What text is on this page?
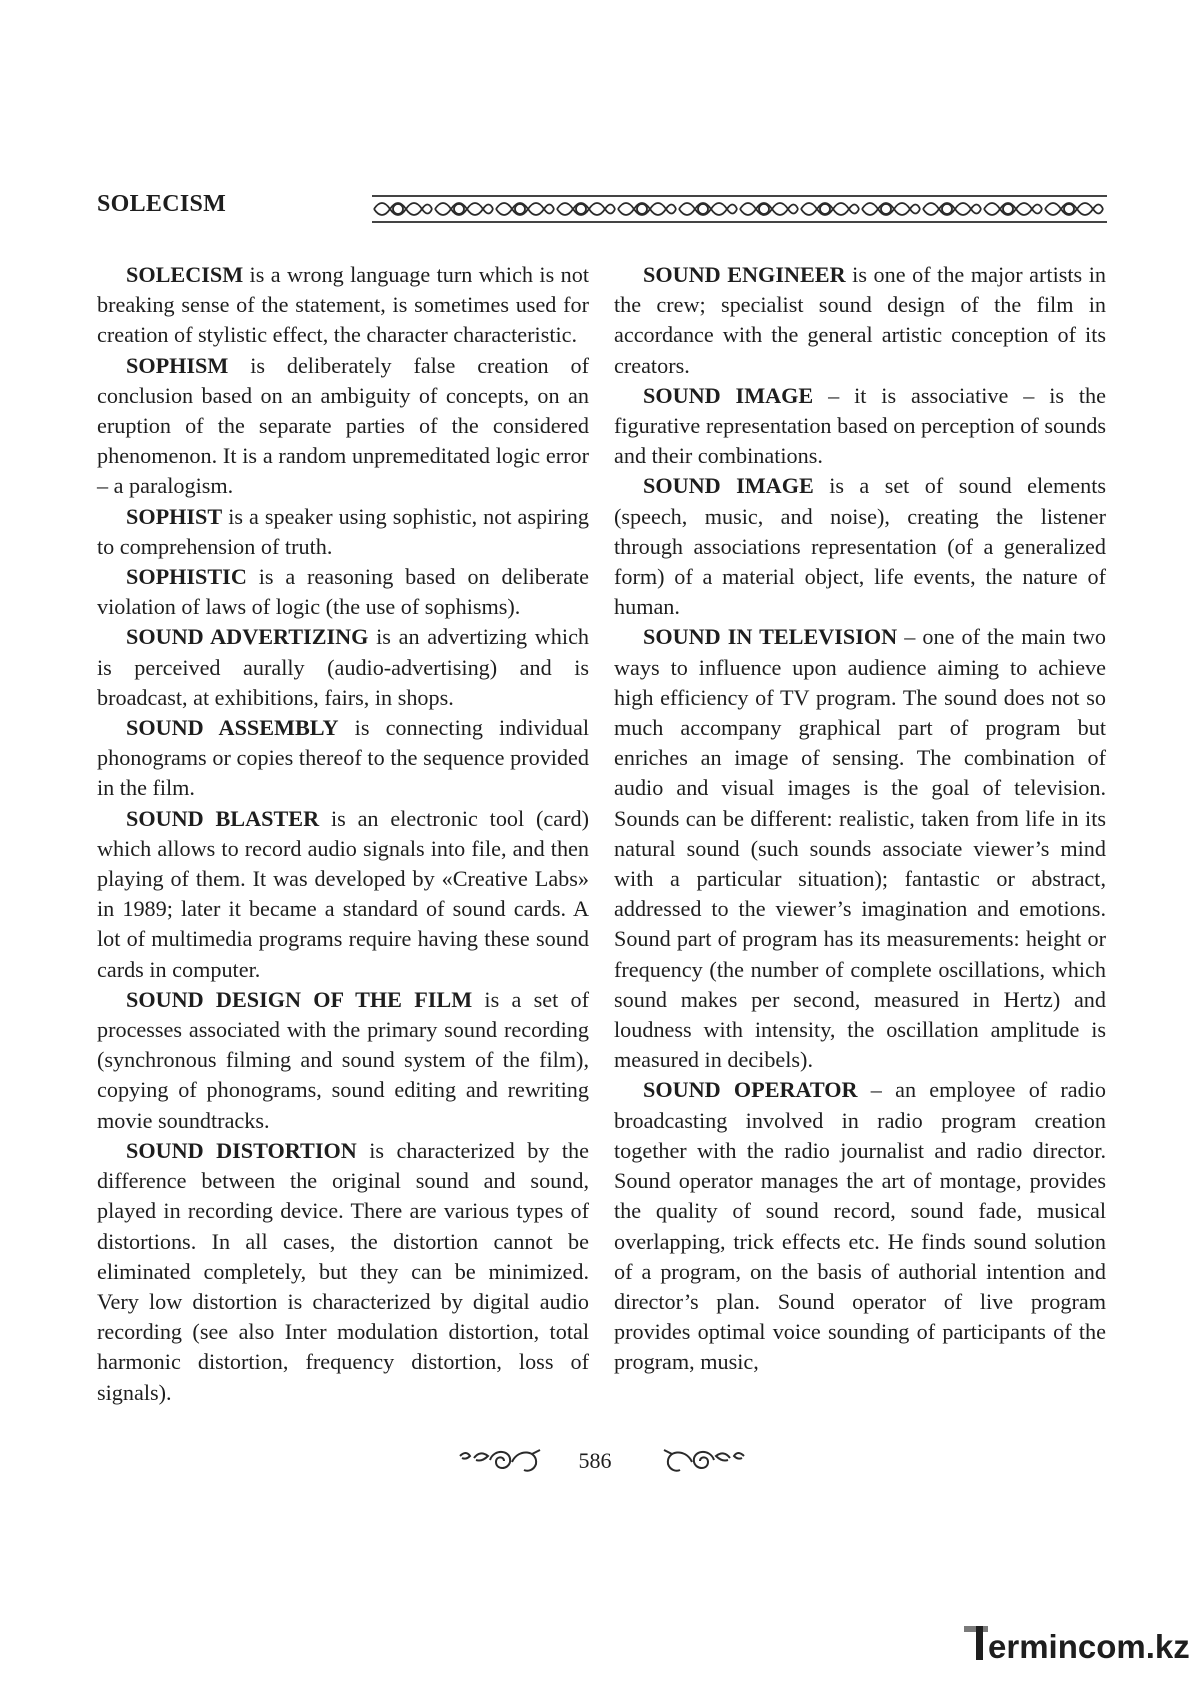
SOLECISM

SOLECISM is a wrong language turn which is not breaking sense of the statement, is sometimes used for creation of stylistic effect, the character characteristic.

SOPHISM is deliberately false creation of conclusion based on an ambiguity of concepts, on an eruption of the separate parties of the considered phenomenon. It is a random unpremeditated logic error – a paralogism.

SOPHIST is a speaker using sophistic, not aspiring to comprehension of truth.

SOPHISTIC is a reasoning based on deliberate violation of laws of logic (the use of sophisms).

SOUND ADVERTIZING is an advertizing which is perceived aurally (audio-advertising) and is broadcast, at exhibitions, fairs, in shops.

SOUND ASSEMBLY is connecting individual phonograms or copies thereof to the sequence provided in the film.

SOUND BLASTER is an electronic tool (card) which allows to record audio signals into file, and then playing of them. It was developed by «Creative Labs» in 1989; later it became a standard of sound cards. A lot of multimedia programs require having these sound cards in computer.

SOUND DESIGN OF THE FILM is a set of processes associated with the primary sound recording (synchronous filming and sound system of the film), copying of phonograms, sound editing and rewriting movie soundtracks.

SOUND DISTORTION is characterized by the difference between the original sound and sound, played in recording device. There are various types of distortions. In all cases, the distortion cannot be eliminated completely, but they can be minimized. Very low distortion is characterized by digital audio recording (see also Inter modulation distortion, total harmonic distortion, frequency distortion, loss of signals).

SOUND ENGINEER is one of the major artists in the crew; specialist sound design of the film in accordance with the general artistic conception of its creators.

SOUND IMAGE – it is associative – is the figurative representation based on perception of sounds and their combinations.

SOUND IMAGE is a set of sound elements (speech, music, and noise), creating the listener through associations representation (of a generalized form) of a material object, life events, the nature of human.

SOUND IN TELEVISION – one of the main two ways to influence upon audience aiming to achieve high efficiency of TV program. The sound does not so much accompany graphical part of program but enriches an image of sensing. The combination of audio and visual images is the goal of television. Sounds can be different: realistic, taken from life in its natural sound (such sounds associate viewer’s mind with a particular situation); fantastic or abstract, addressed to the viewer’s imagination and emotions. Sound part of program has its measurements: height or frequency (the number of complete oscillations, which sound makes per second, measured in Hertz) and loudness with intensity, the oscillation amplitude is measured in decibels).

SOUND OPERATOR – an employee of radio broadcasting involved in radio program creation together with the radio journalist and radio director. Sound operator manages the art of montage, provides the quality of sound record, sound fade, musical overlapping, trick effects etc. He finds sound solution of a program, on the basis of authorial intention and director’s plan. Sound operator of live program provides optimal voice sounding of participants of the program, music,

586
ermincom.kz
